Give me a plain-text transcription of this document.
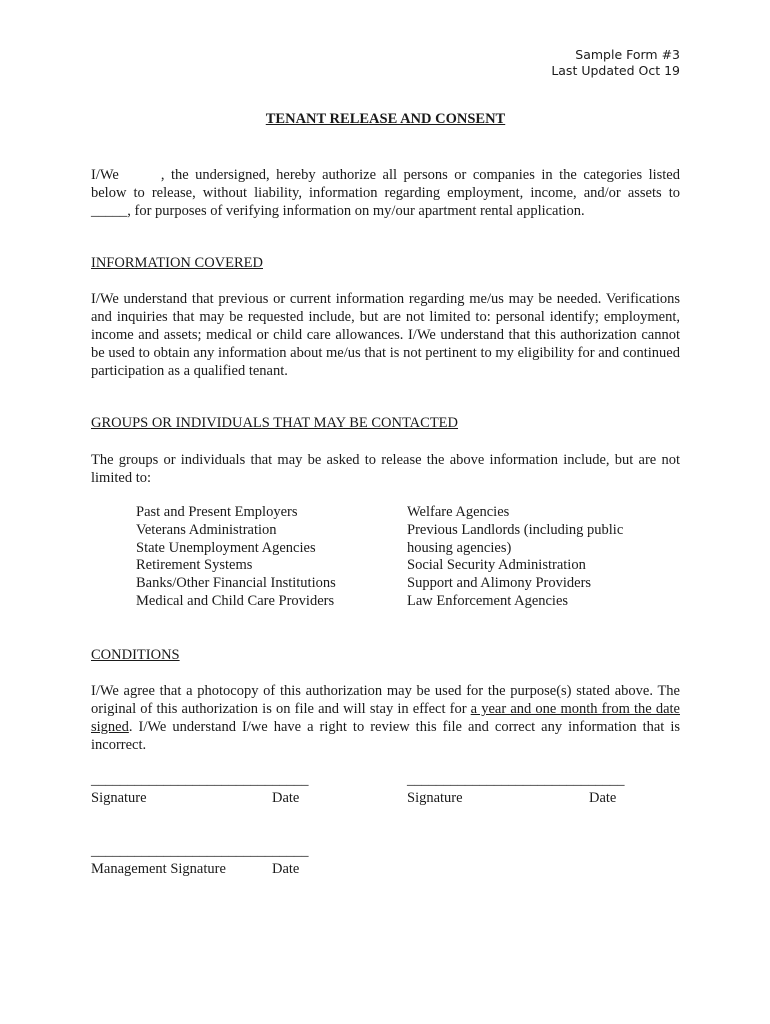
Sample Form #3
Last Updated Oct 19
TENANT RELEASE AND CONSENT
I/We	, the undersigned, hereby authorize all persons or companies in the categories listed below to release, without liability, information regarding employment, income, and/or assets to _____, for purposes of verifying information on my/our apartment rental application.
INFORMATION COVERED
I/We understand that previous or current information regarding me/us may be needed. Verifications and inquiries that may be requested include, but are not limited to: personal identify; employment, income and assets; medical or child care allowances. I/We understand that this authorization cannot be used to obtain any information about me/us that is not pertinent to my eligibility for and continued participation as a qualified tenant.
GROUPS OR INDIVIDUALS THAT MAY BE CONTACTED
The groups or individuals that may be asked to release the above information include, but are not limited to:
Past and Present Employers
Veterans Administration
State Unemployment Agencies
Retirement Systems
Banks/Other Financial Institutions
Medical and Child Care Providers
Welfare Agencies
Previous Landlords (including public
housing agencies)
Social Security Administration
Support and Alimony Providers
Law Enforcement Agencies
CONDITIONS
I/We agree that a photocopy of this authorization may be used for the purpose(s) stated above. The original of this authorization is on file and will stay in effect for a year and one month from the date signed. I/We understand I/we have a right to review this file and correct any information that is incorrect.
______________________________	______________________________
Signature	Date	Signature	Date
______________________________
Management Signature	Date
